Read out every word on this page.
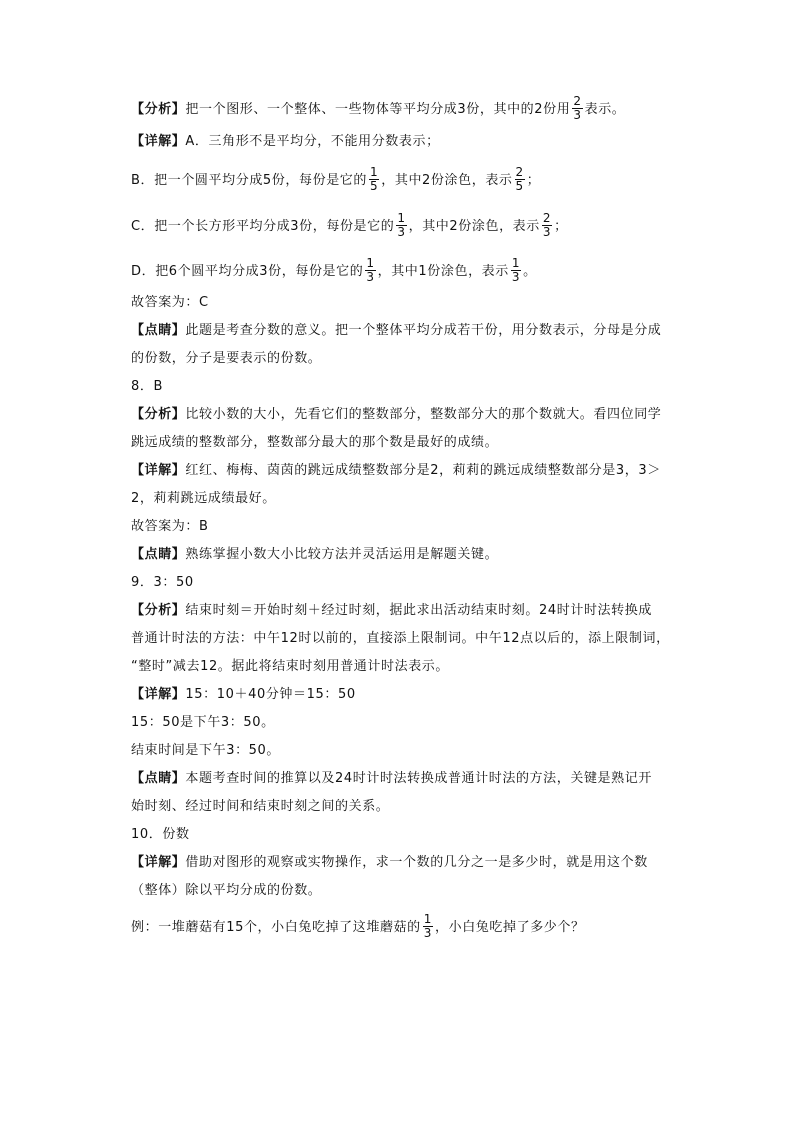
【分析】把一个图形、一个整体、一些物体等平均分成3份，其中的2份用 $\frac{2}{3}$ 表示。
【详解】A．三角形不是平均分，不能用分数表示；
B．把一个圆平均分成5份，每份是它的 $\frac{1}{5}$ ，其中2份涂色，表示 $\frac{2}{5}$ ；
C．把一个长方形平均分成3份，每份是它的 $\frac{1}{3}$ ，其中2份涂色，表示 $\frac{2}{3}$ ；
D．把6个圆平均分成3份，每份是它的 $\frac{1}{3}$ ，其中1份涂色，表示 $\frac{1}{3}$ 。
故答案为：C
【点睛】此题是考查分数的意义。把一个整体平均分成若干份，用分数表示，分母是分成
的份数，分子是要表示的份数。
8．B
【分析】比较小数的大小，先看它们的整数部分，整数部分大的那个数就大。看四位同学
跳远成绩的整数部分，整数部分最大的那个数是最好的成绩。
【详解】红红、梅梅、茵茵的跳远成绩整数部分是2，莉莉的跳远成绩整数部分是3，3＞
2，莉莉跳远成绩最好。
故答案为：B
【点睛】熟练掌握小数大小比较方法并灵活运用是解题关键。
9．3：50
【分析】结束时刻＝开始时刻＋经过时刻，据此求出活动结束时刻。24时计时法转换成
普通计时法的方法：中午12时以前的，直接添上限制词。中午12点以后的，添上限制词，
“整时”减去12。据此将结束时刻用普通计时法表示。
【详解】15：10＋40分钟＝15：50
15：50是下午3：50。
结束时间是下午3：50。
【点睛】本题考查时间的推算以及24时计时法转换成普通计时法的方法，关键是熟记开
始时刻、经过时间和结束时刻之间的关系。
10．份数
【详解】借助对图形的观察或实物操作，求一个数的几分之一是多少时，就是用这个数
（整体）除以平均分成的份数。
例：一堆蘑菇有15个，小白兔吃掉了这堆蘑菇的 $\frac{1}{3}$ ，小白兔吃掉了多少个？
